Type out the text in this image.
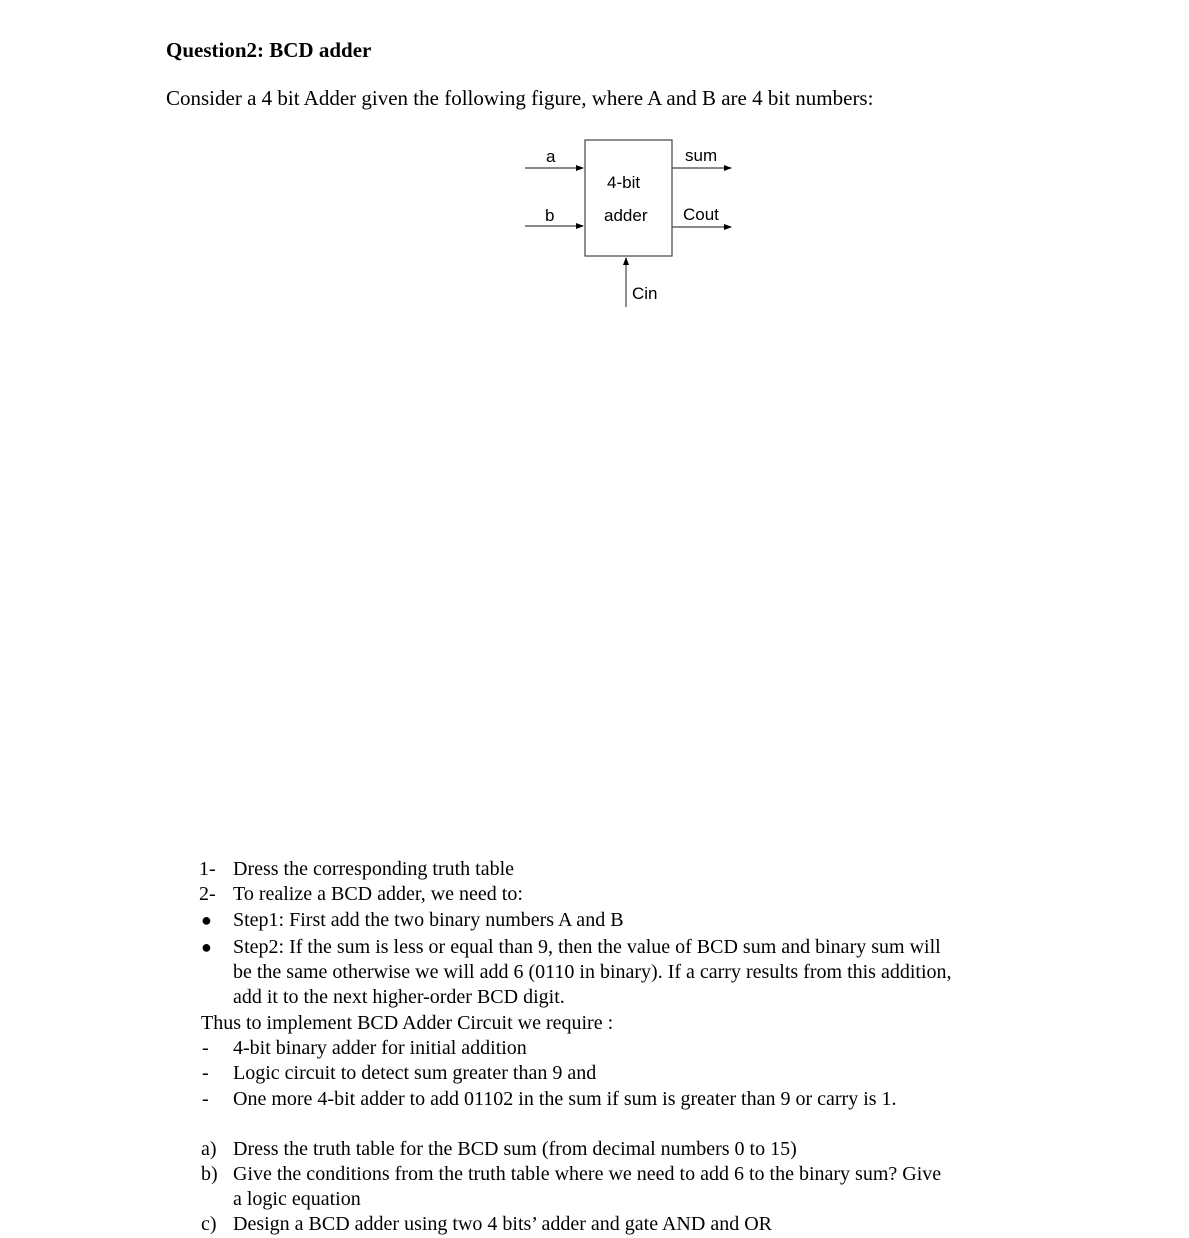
Question2: BCD adder
Consider a 4 bit Adder given the following figure, where A and B are 4 bit numbers:
a
b
4-bit
adder
sum
Cout
Cin
1- Dress the corresponding truth table
2- To realize a BCD adder, we need to:
● Step1: First add the two binary numbers A and B
● Step2: If the sum is less or equal than 9, then the value of BCD sum and binary sum will
be the same otherwise we will add 6 (0110 in binary). If a carry results from this addition,
add it to the next higher-order BCD digit.
Thus to implement BCD Adder Circuit we require :
- 4-bit binary adder for initial addition
- Logic circuit to detect sum greater than 9 and
- One more 4-bit adder to add 01102 in the sum if sum is greater than 9 or carry is 1.
a) Dress the truth table for the BCD sum (from decimal numbers 0 to 15)
b) Give the conditions from the truth table where we need to add 6 to the binary sum? Give
a logic equation
c) Design a BCD adder using two 4 bits’ adder and gate AND and OR
